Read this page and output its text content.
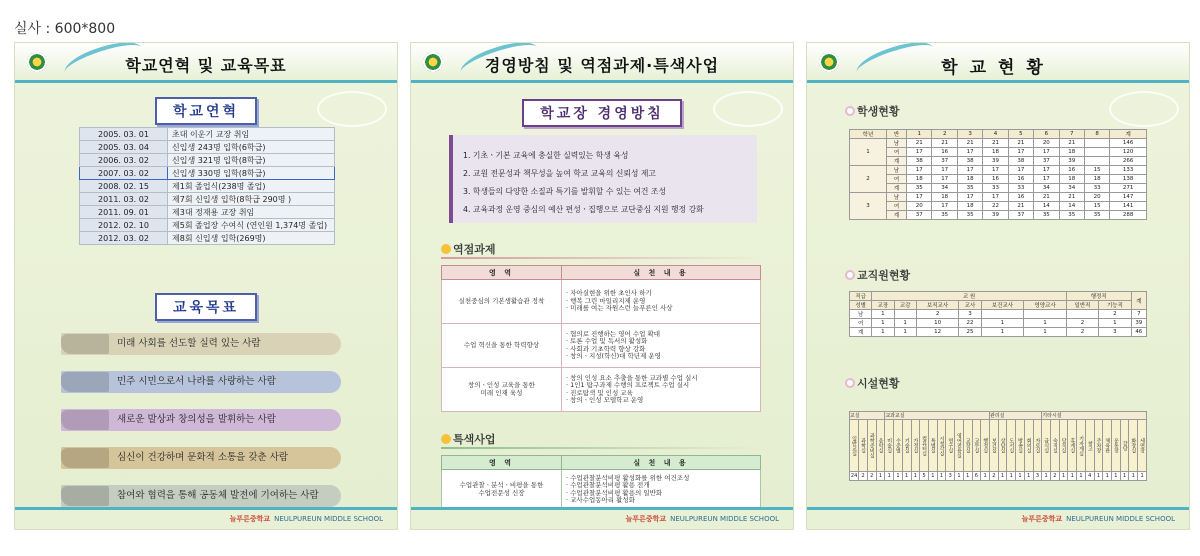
실사 : 600*800
학교연혁 및 교육목표
학교연혁
2005. 03. 01	초대 이운기 교장 취임
2005. 03. 04	신입생 243명 입학(6학급)
2006. 03. 02	신입생 321명 입학(8학급)
2007. 03. 02	신입생 330명 입학(8학급)
2008. 02. 15	제1회 졸업식(238명 졸업)
2011. 03. 02	제7회 신입생 입학(8학급 290명 )
2011. 09. 01	제3대 정재용 교장 취임
2012. 02. 10	제5회 졸업장 수여식 (연인원 1,374명 졸업)
2012. 03. 02	제8회 신입생 입학(269명)
교육목표
미래 사회를 선도할 실력 있는 사람
민주 시민으로서 나라를 사랑하는 사람
새로운 발상과 창의성을 발휘하는 사람
심신이 건강하며 문화적 소통을 갖춘 사람
참여와 협력을 통해 공동체 발전에 기여하는 사람
늘푸른중학교 NEULPUREUN MIDDLE SCHOOL
경영방침 및 역점과제·특색사업
학교장 경영방침
1. 기초ㆍ기본 교육에 충실한 실력있는 학생 육성
2. 교원 전문성과 책무성을 높여 학교 교육의 신뢰성 제고
3. 학생들의 다양한 소질과 특기를 발휘할 수 있는 여건 조성
4. 교육과정 운영 중심의 예산 편성ㆍ집행으로 교단중심 지원 행정 강화
역점과제
영 역	실 천 내 용
실천중심의 기본생활습관 정착	· 자아실현을 위한 초인사 하기
· 행복 그린 마일리지제 운영
· 미래를 여는 자원스런 늘푸른인 사상
수업 혁신을 통한 학력향상	· 협의로 진행하는 영어 수업 확대
· 토론 수업 및 독서의 활성화
· 사회과 기초학력 향상 강화
· 창의ㆍ지성(학신)대 학년제 운영
창의ㆍ인성 교육을 통한
미래 인재 육성	· 창의 인성 요소 추출을 통한 교과별 수업 실시
· 1인1 탐구과제 수행의 프로젝트 수업 실시
· 진로탐색 및 인성 교육
· 창의ㆍ인성 모델학교 운영
특색사업
영 역	실 천 내 용
수업관찰ㆍ분석ㆍ비평을 통한
수업전문성 신장	· 수업관찰분석비평 활성화를 위한 여건조성
· 수업관찰분석비평 활용 전개
· 수업관찰분석비평 활용의 일반화
· 교사수업동아리 활성화
늘푸른중학교 NEULPUREUN MIDDLE SCHOOL
학교현황
학생현황
학년	반	1	2	3	4	5	6	7	8	계
1	남	21	21	21	21	21	20	21		146
	여	17	16	17	18	17	17	18		120
	계	38	37	38	39	38	37	39		266
2	남	17	17	17	17	17	17	16	15	133
	여	18	17	18	16	16	17	18	18	138
	계	35	34	35	33	33	34	34	33	271
3	남	17	18	17	17	16	21	21	20	147
	여	20	17	18	22	21	14	14	15	141
	계	37	35	35	39	37	35	35	35	288
교직원현황
직급	교 원						행정직		계
성별	교장	교감	보직교사	교사	보건교사	영양교사	일반직	기능직	
남	1		2	3				2	7
여	1	1	10	22	1	1	2	1	39
계	1	1	12	25	1	1	2	3	46
시설현황
교실				교과교실												관리실						기타시설											
일반교실	과학실	과학준비실	음악실	미술실	수준별	기술실	가정실	컴퓨터실	특별실	시청각실	연구실	영어전용실	교장실	교무실	행정실	보건실	상담실	도서실	방송실	회의실	자료실	급식실	숙직실	당직실	휴게실	기자재실	창고	주차장	체육관	운동장	강당	화장실	세면장
24	2	2	1	1	1	1	1	5	1	1	3	1	1	6	1	2	1	1	1	1	3	1	2	1	1	1	4	1	1	1	1	1	1
늘푸른중학교 NEULPUREUN MIDDLE SCHOOL
